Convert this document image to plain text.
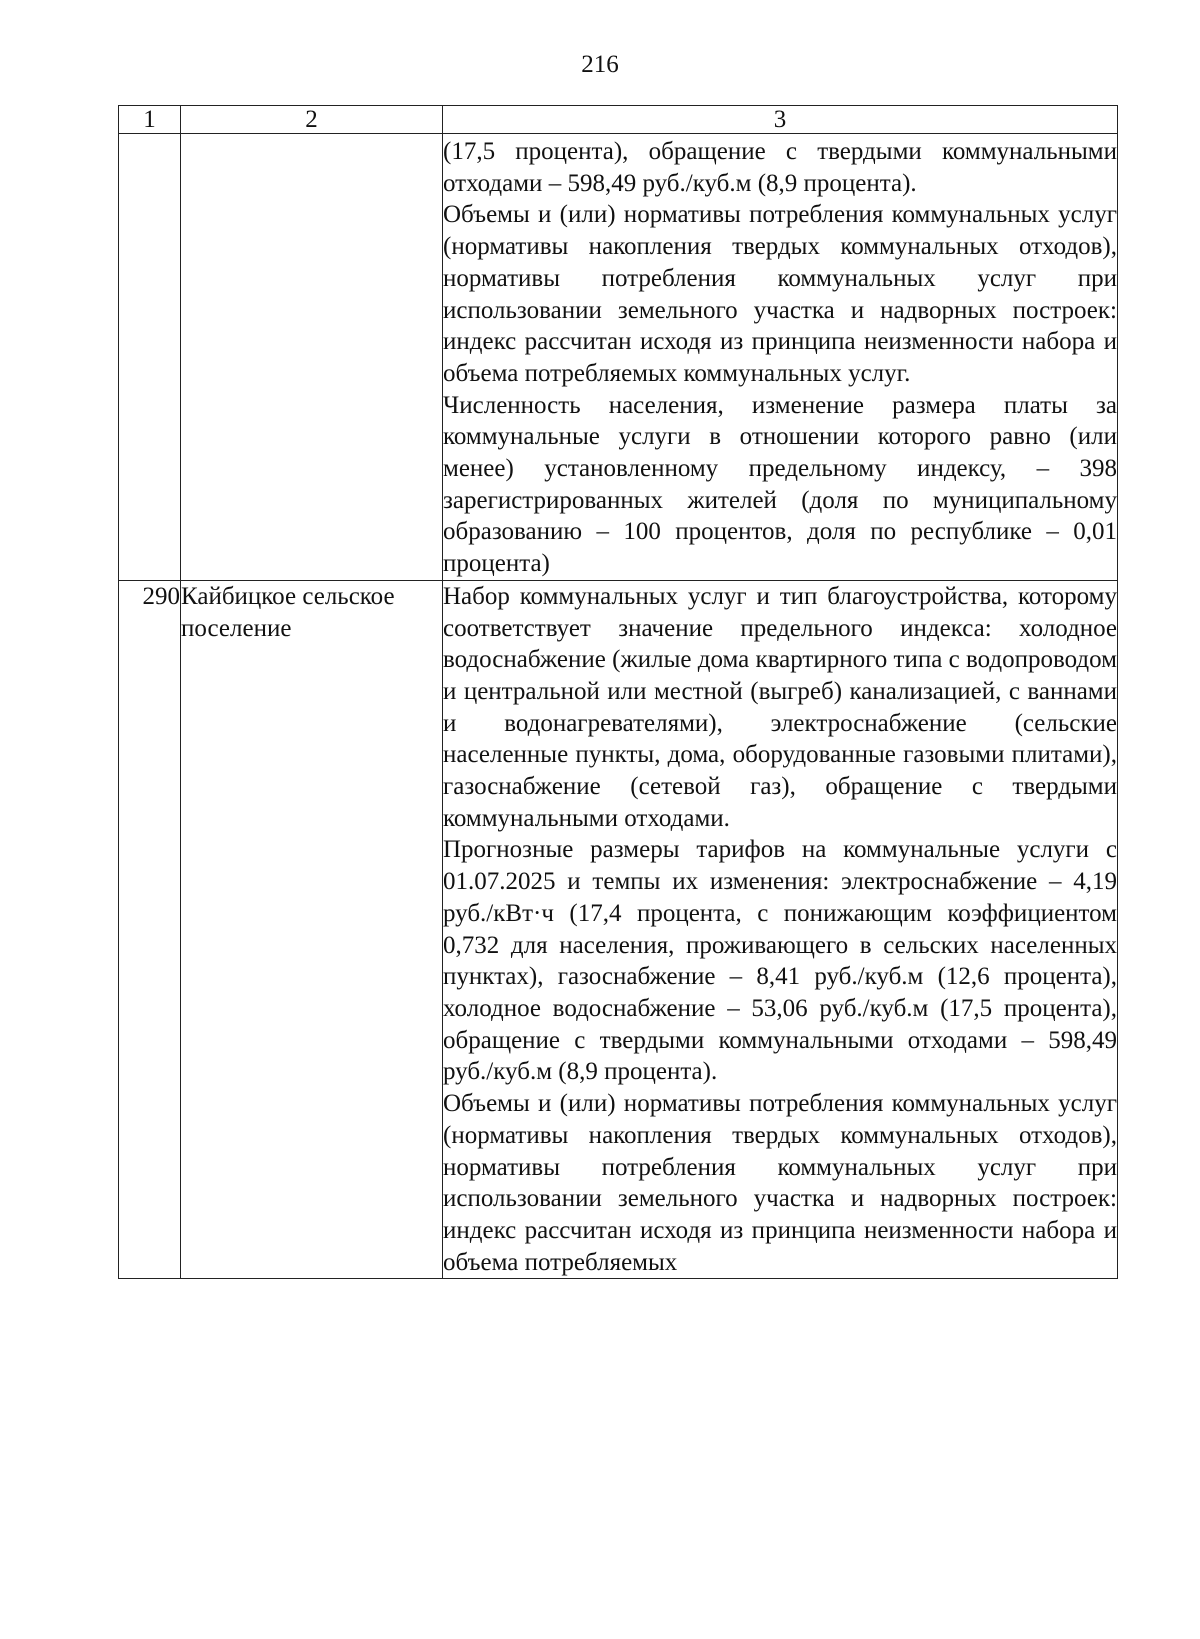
216
1	2	3

		(17,5 процента), обращение с твердыми коммунальными отходами – 598,49 руб./куб.м (8,9 процента).

Объемы и (или) нормативы потребления коммунальных услуг (нормативы накопления твердых коммунальных отходов), нормативы потребления коммунальных услуг при использовании земельного участка и надворных построек: индекс рассчитан исходя из принципа неизменности набора и объема потребляемых коммунальных услуг.

Численность населения, изменение размера платы за коммунальные услуги в отношении которого равно (или менее) установленному предельному индексу, – 398 зарегистрированных жителей (доля по муниципальному образованию – 100 процентов, доля по республике – 0,01 процента)

290	Кайбицкое сельское поселение	Набор коммунальных услуг и тип благоустройства, которому соответствует значение предельного индекса: холодное водоснабжение (жилые дома квартирного типа с водопроводом и центральной или местной (выгреб) канализацией, с ваннами и водонагревателями), электроснабжение (сельские населенные пункты, дома, оборудованные газовыми плитами), газоснабжение (сетевой газ), обращение с твердыми коммунальными отходами.

Прогнозные размеры тарифов на коммунальные услуги с 01.07.2025 и темпы их изменения: электроснабжение – 4,19 руб./кВт·ч (17,4 процента, с понижающим коэффициентом 0,732 для населения, проживающего в сельских населенных пунктах), газоснабжение – 8,41 руб./куб.м (12,6 процента), холодное водоснабжение – 53,06 руб./куб.м (17,5 процента), обращение с твердыми коммунальными отходами – 598,49 руб./куб.м (8,9 процента).

Объемы и (или) нормативы потребления коммунальных услуг (нормативы накопления твердых коммунальных отходов), нормативы потребления коммунальных услуг при использовании земельного участка и надворных построек: индекс рассчитан исходя из принципа неизменности набора и объема потребляемых
